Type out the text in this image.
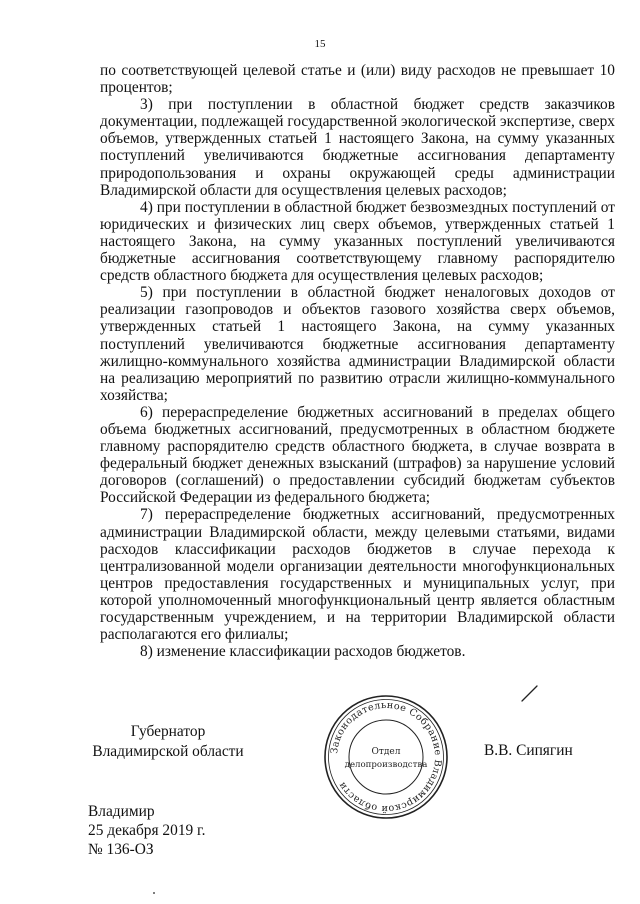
15

по соответствующей целевой статье и (или) виду расходов не превышает 10 процентов;

3) при поступлении в областной бюджет средств заказчиков документации, подлежащей государственной экологической экспертизе, сверх объемов, утвержденных статьей 1 настоящего Закона, на сумму указанных поступлений увеличиваются бюджетные ассигнования департаменту природопользования и охраны окружающей среды администрации Владимирской области для осуществления целевых расходов;

4) при поступлении в областной бюджет безвозмездных поступлений от юридических и физических лиц сверх объемов, утвержденных статьей 1 настоящего Закона, на сумму указанных поступлений увеличиваются бюджетные ассигнования соответствующему главному распорядителю средств областного бюджета для осуществления целевых расходов;

5) при поступлении в областной бюджет неналоговых доходов от реализации газопроводов и объектов газового хозяйства сверх объемов, утвержденных статьей 1 настоящего Закона, на сумму указанных поступлений увеличиваются бюджетные ассигнования департаменту жилищно-коммунального хозяйства администрации Владимирской области на реализацию мероприятий по развитию отрасли жилищно-коммунального хозяйства;

6) перераспределение бюджетных ассигнований в пределах общего объема бюджетных ассигнований, предусмотренных в областном бюджете главному распорядителю средств областного бюджета, в случае возврата в федеральный бюджет денежных взысканий (штрафов) за нарушение условий договоров (соглашений) о предоставлении субсидий бюджетам субъектов Российской Федерации из федерального бюджета;

7) перераспределение бюджетных ассигнований, предусмотренных администрации Владимирской области, между целевыми статьями, видами расходов классификации расходов бюджетов в случае перехода к централизованной модели организации деятельности многофункциональных центров предоставления государственных и муниципальных услуг, при которой уполномоченный многофункциональный центр является областным государственным учреждением, и на территории Владимирской области располагаются его филиалы;

8) изменение классификации расходов бюджетов.

Губернатор
Владимирской области	Законодательное Собрание Владимирской области
Отдел
делопроизводства
В.В. Сипягин
Владимир
25 декабря 2019 г.
№ 136-ОЗ
